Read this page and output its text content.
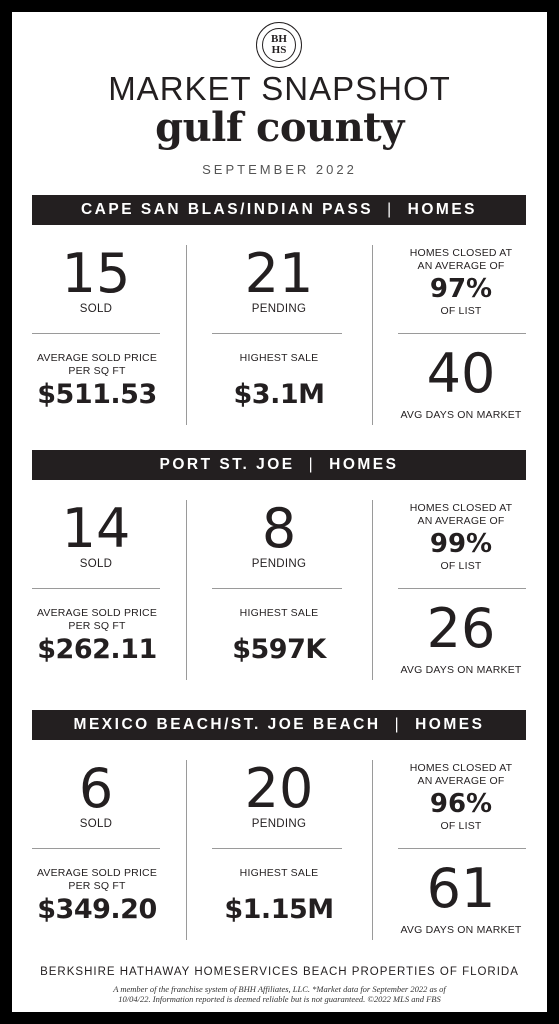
BH
HS
MARKET SNAPSHOT
gulf county
SEPTEMBER 2022
CAPE SAN BLAS/INDIAN PASS | HOMES
15
SOLD
21
PENDING
HOMES CLOSED AT
AN AVERAGE OF
97%
OF LIST
AVERAGE SOLD PRICE
PER SQ FT
$511.53
HIGHEST SALE
$3.1M 40
AVG DAYS ON MARKET
PORT ST. JOE | HOMES
14
SOLD
8
PENDING
HOMES CLOSED AT
AN AVERAGE OF
99%
OF LIST
AVERAGE SOLD PRICE
PER SQ FT
$262.11
HIGHEST SALE
$597K 26
AVG DAYS ON MARKET
MEXICO BEACH/ST. JOE BEACH | HOMES
6
SOLD
20
PENDING
HOMES CLOSED AT
AN AVERAGE OF
96%
OF LIST
AVERAGE SOLD PRICE
PER SQ FT
$349.20
HIGHEST SALE
$1.15M 61
AVG DAYS ON MARKET
BERKSHIRE HATHAWAY HOMESERVICES BEACH PROPERTIES OF FLORIDA
A member of the franchise system of BHH Affiliates, LLC. *Market data for September 2022 as of 10/04/22. Information reported is deemed reliable but is not guaranteed. ©2022 MLS and FBS
